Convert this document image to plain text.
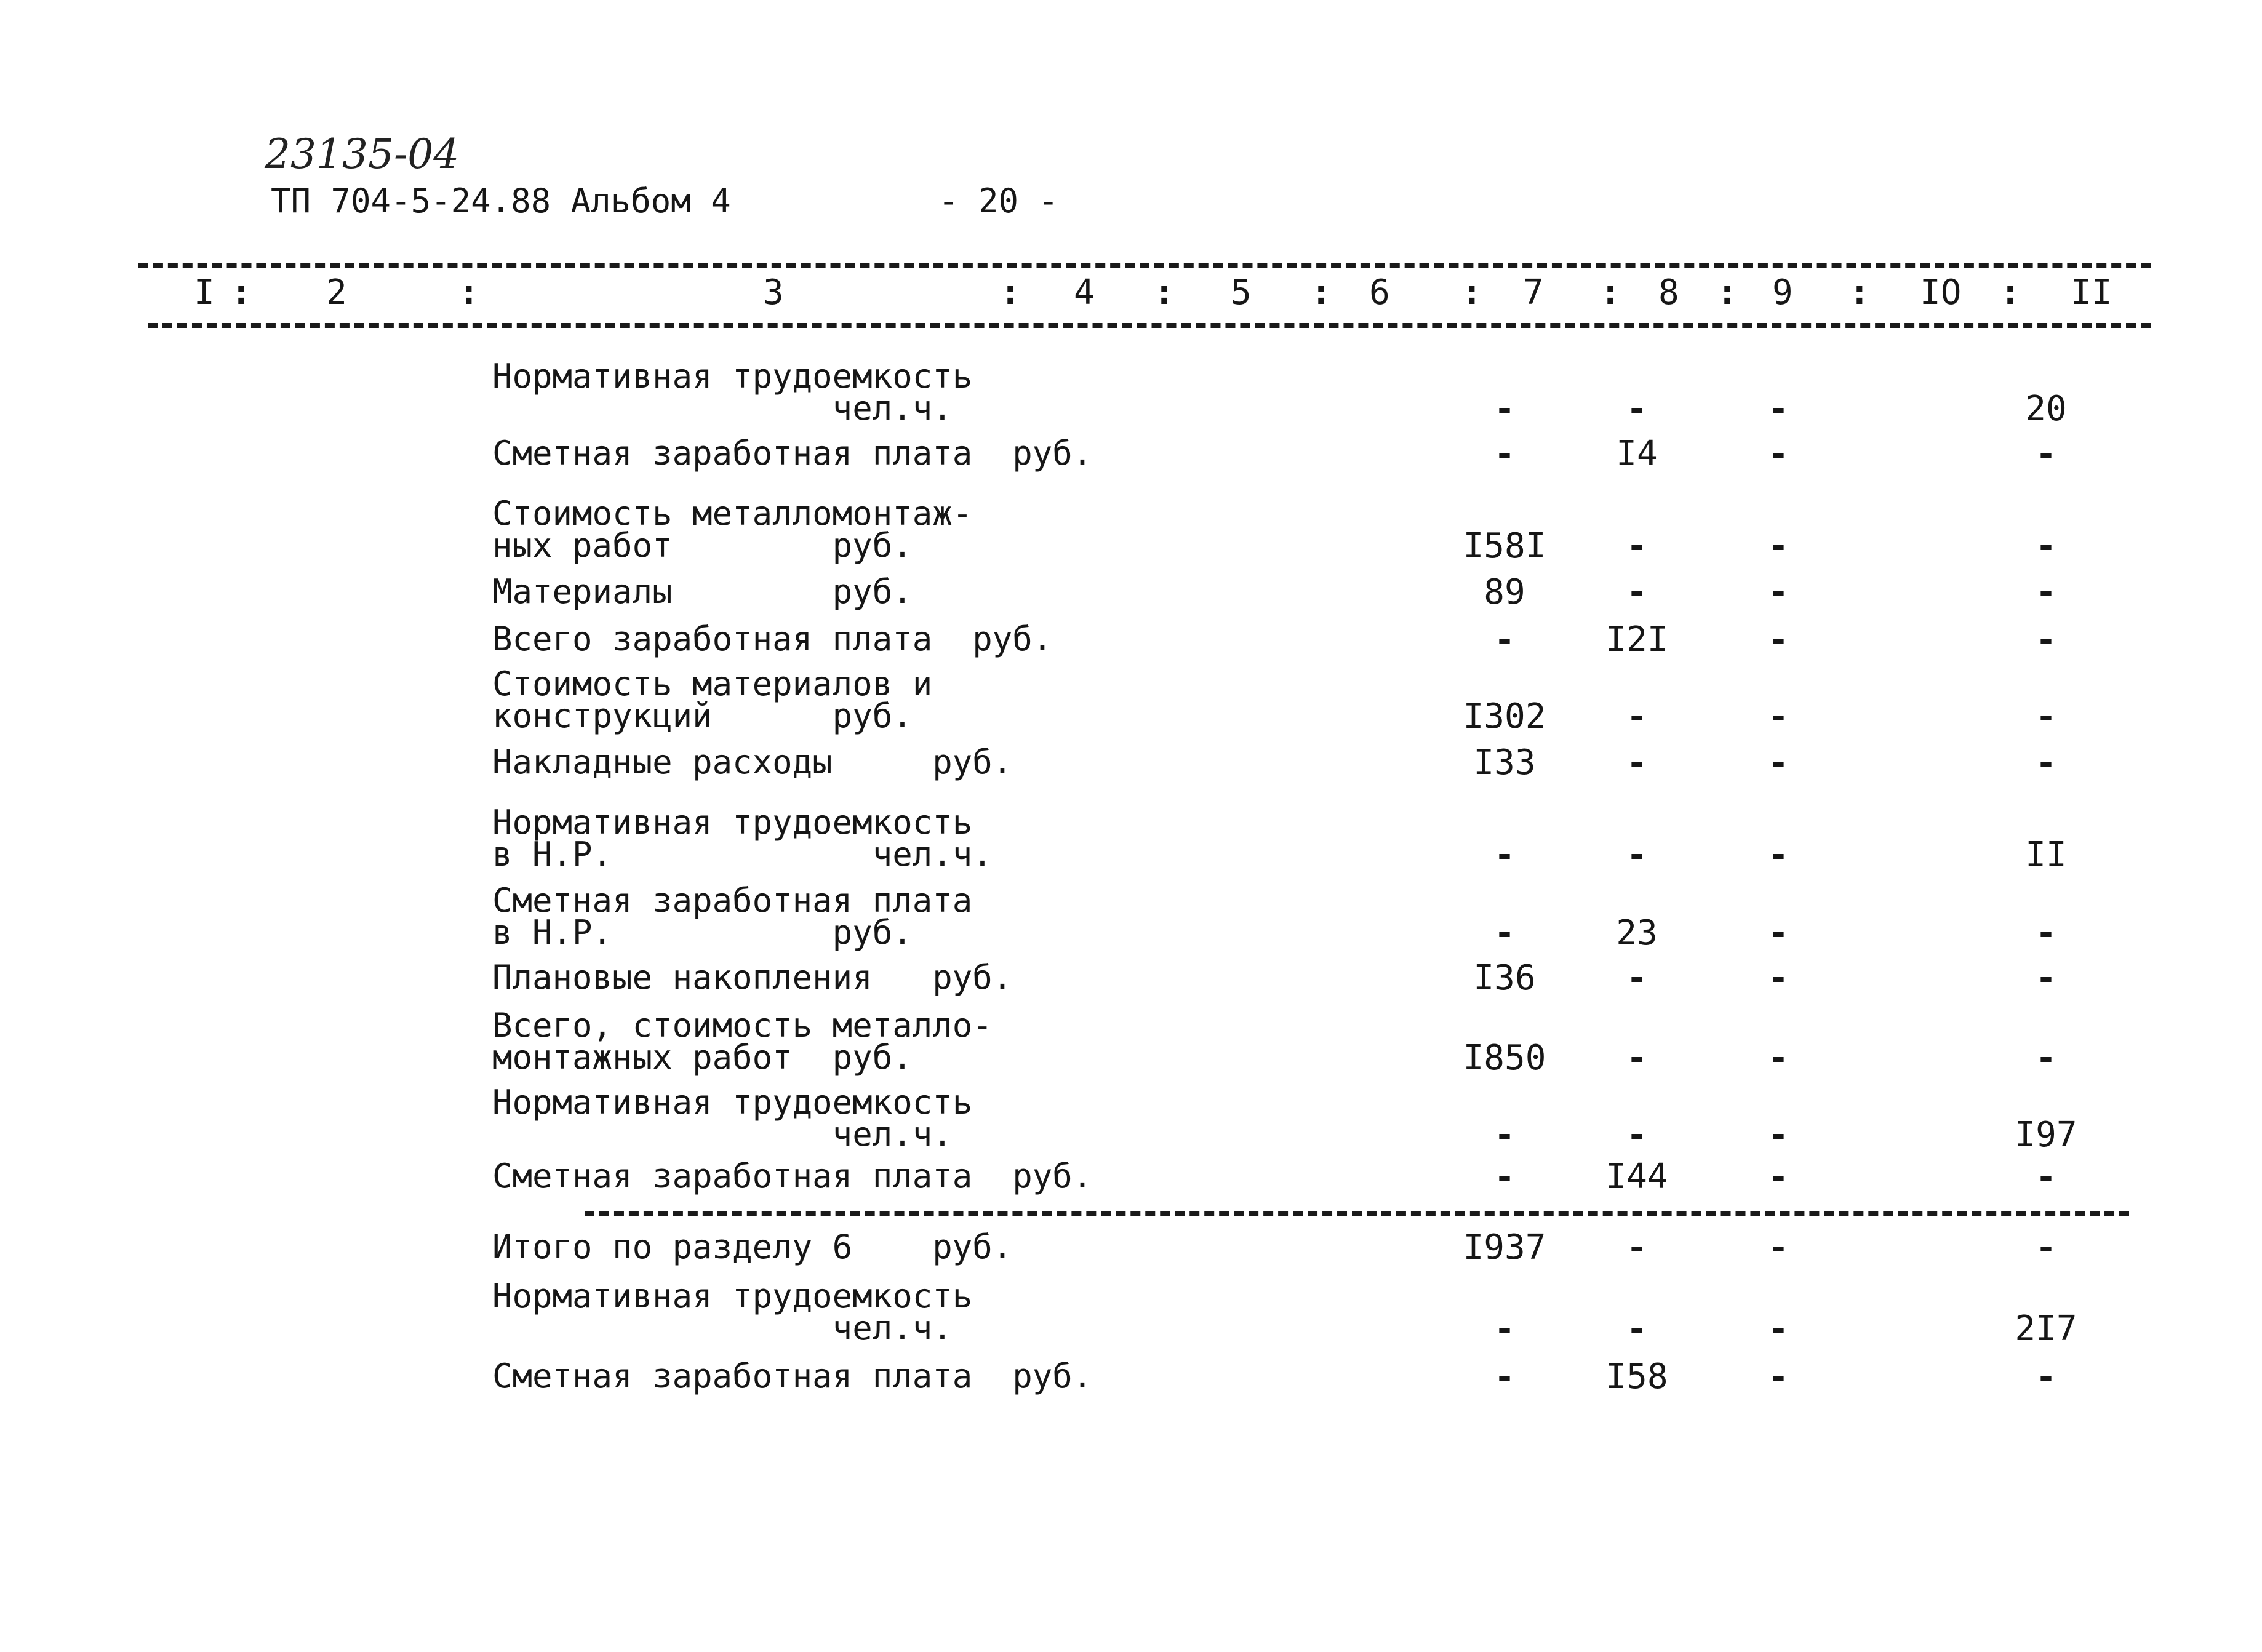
23135-04
ТП 704-5-24.88 Альбом 4	- 20 -
I	2	3	4	5	6	7	8	9	IO	II
:	:	:	:	:	:	:	:	:	:
Нормативная трудоемкость
чел.ч.	-	-	-	20
Сметная заработная плата  руб.	-	I4	-	-
Стоимость металломонтаж-
ных работ        руб.	I58I	-	-	-
Материалы        руб.	89	-	-	-
Всего заработная плата  руб.	-	I2I	-	-
Стоимость материалов и
конструкций      руб.	I302	-	-	-
Накладные расходы     руб.	I33	-	-	-
Нормативная трудоемкость
в Н.Р.             чел.ч.	-	-	-	II
Сметная заработная плата
в Н.Р.           руб.	-	23	-	-
Плановые накопления   руб.	I36	-	-	-
Всего, стоимость металло-
монтажных работ  руб.	I850	-	-	-
Нормативная трудоемкость
чел.ч.	-	-	-	I97
Сметная заработная плата  руб.	-	I44	-	-
Итого по разделу 6    руб.	I937	-	-	-
Нормативная трудоемкость
чел.ч.	-	-	-	2I7
Сметная заработная плата  руб.	-	I58	-	-
